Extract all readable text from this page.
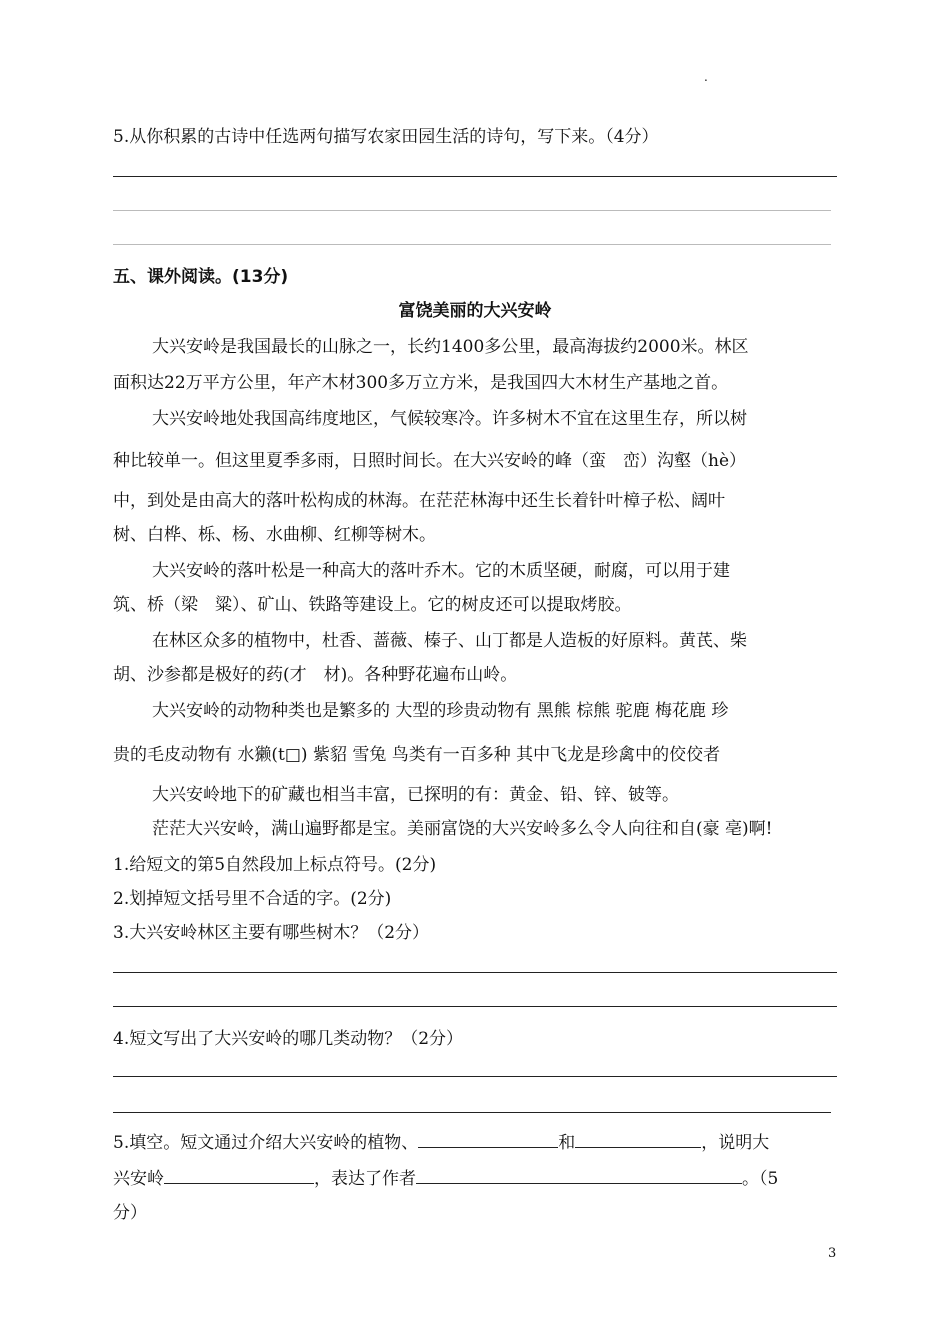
.
5.从你积累的古诗中任选两句描写农家田园生活的诗句，写下来。（4分）
五、课外阅读。(13分)
富饶美丽的大兴安岭
大兴安岭是我国最长的山脉之一，长约1400多公里，最高海拔约2000米。林区
面积达22万平方公里，年产木材300多万立方米，是我国四大木材生产基地之首。
大兴安岭地处我国高纬度地区，气候较寒冷。许多树木不宜在这里生存，所以树
种比较单一。但这里夏季多雨，日照时间长。在大兴安岭的峰（蛮　峦）沟壑（hè）
中，到处是由高大的落叶松构成的林海。在茫茫林海中还生长着针叶樟子松、阔叶
树、白桦、栎、杨、水曲柳、红柳等树木。
大兴安岭的落叶松是一种高大的落叶乔木。它的木质坚硬，耐腐，可以用于建
筑、桥（梁　粱）、矿山、铁路等建设上。它的树皮还可以提取烤胶。
在林区众多的植物中，杜香、蔷薇、榛子、山丁都是人造板的好原料。黄芪、柴
胡、沙参都是极好的药(才　材)。各种野花遍布山岭。
大兴安岭的动物种类也是繁多的 大型的珍贵动物有 黑熊 棕熊 驼鹿 梅花鹿 珍
贵的毛皮动物有 水獭(t□) 紫貂 雪兔 鸟类有一百多种 其中飞龙是珍禽中的佼佼者
大兴安岭地下的矿藏也相当丰富，已探明的有：黄金、铅、锌、铍等。
茫茫大兴安岭，满山遍野都是宝。美丽富饶的大兴安岭多么令人向往和自(豪 亳)啊!
1.给短文的第5自然段加上标点符号。(2分)
2.划掉短文括号里不合适的字。(2分)
3.大兴安岭林区主要有哪些树木？（2分）
4.短文写出了大兴安岭的哪几类动物？（2分）
5.填空。短文通过介绍大兴安岭的植物、	和	，说明大
兴安岭	，表达了作者	。（5
分）
3
